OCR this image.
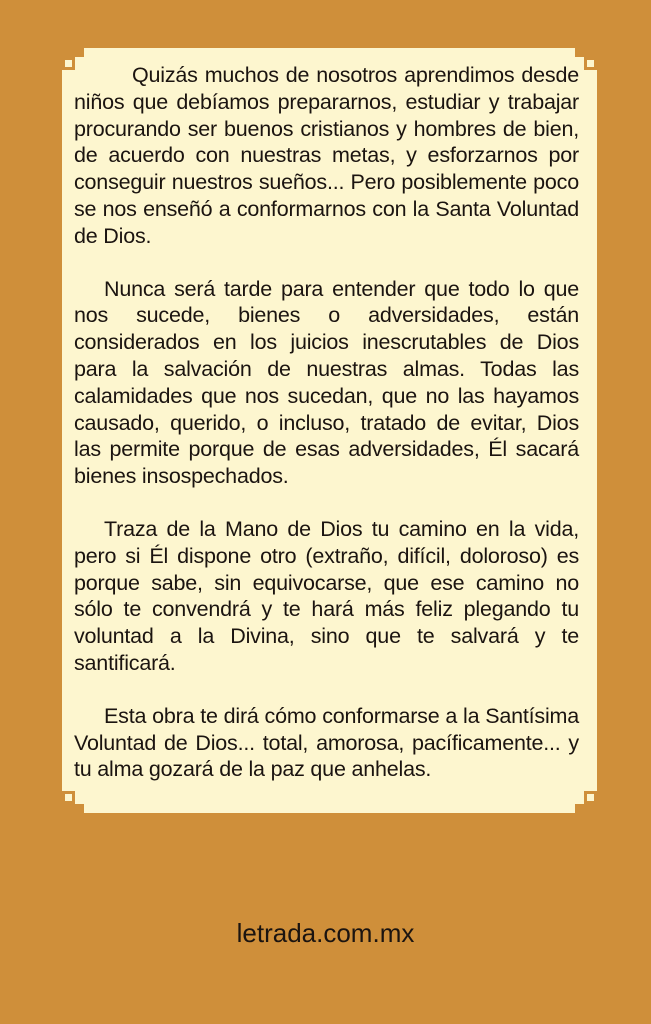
Quizás muchos de nosotros aprendimos desde niños que debíamos prepararnos, estudiar y trabajar procurando ser buenos cristianos y hombres de bien, de acuerdo con nuestras metas, y esforzarnos por conseguir nuestros sueños... Pero posiblemente poco se nos enseñó a conformarnos con la Santa Voluntad de Dios.

Nunca será tarde para entender que todo lo que nos sucede, bienes o adversidades, están considerados en los juicios inescrutables de Dios para la salvación de nuestras almas. Todas las calamidades que nos sucedan, que no las hayamos causado, querido, o incluso, tratado de evitar, Dios las permite porque de esas adversidades, Él sacará bienes insospechados.

Traza de la Mano de Dios tu camino en la vida, pero si Él dispone otro (extraño, difícil, doloroso) es porque sabe, sin equivocarse, que ese camino no sólo te convendrá y te hará más feliz plegando tu voluntad a la Divina, sino que te salvará y te santificará.

Esta obra te dirá cómo conformarse a la Santísima Voluntad de Dios... total, amorosa, pacíficamente... y tu alma gozará de la paz que anhelas.

letrada.com.mx
